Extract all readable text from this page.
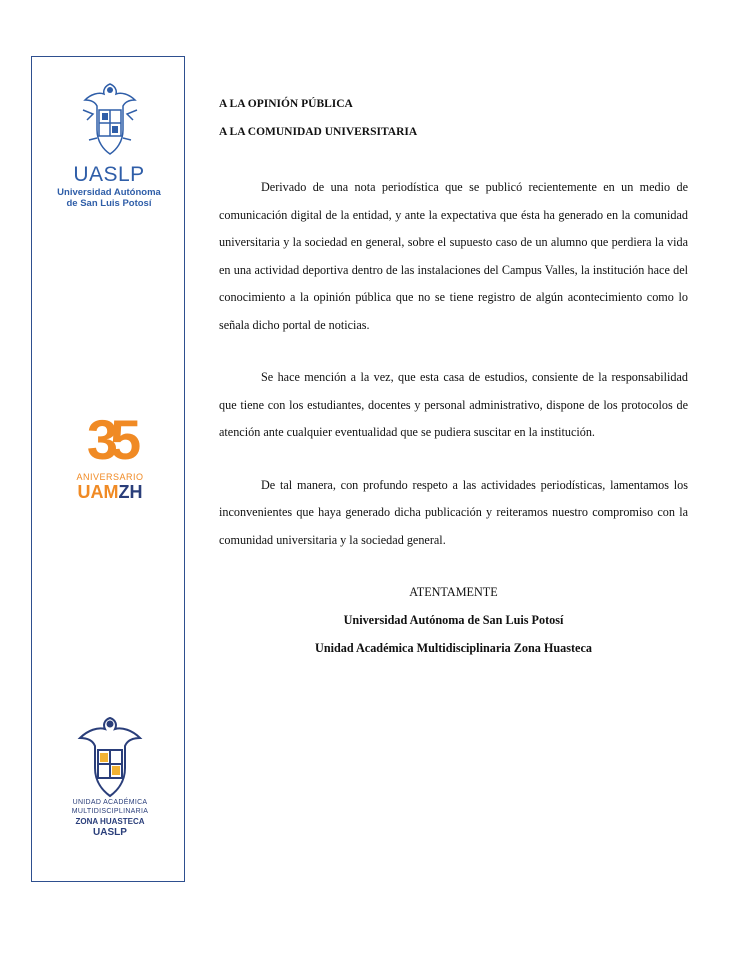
UASLP
Universidad Autónoma
de San Luis Potosí
35
ANIVERSARIO
UAMZH
UNIDAD ACADÉMICA
MULTIDISCIPLINARIA
ZONA HUASTECA
UASLP

A LA OPINIÓN PÚBLICA

A LA COMUNIDAD UNIVERSITARIA

Derivado de una nota periodística que se publicó recientemente en un medio de comunicación digital de la entidad, y ante la expectativa que ésta ha generado en la comunidad universitaria y la sociedad en general, sobre el supuesto caso de un alumno que perdiera la vida en una actividad deportiva dentro de las instalaciones del Campus Valles, la institución hace del conocimiento a la opinión pública que no se tiene registro de algún acontecimiento como lo señala dicho portal de noticias.

Se hace mención a la vez, que esta casa de estudios, consiente de la responsabilidad que tiene con los estudiantes, docentes y personal administrativo, dispone de los protocolos de atención ante cualquier eventualidad que se pudiera suscitar en la institución.

De tal manera, con profundo respeto a las actividades periodísticas, lamentamos los inconvenientes que haya generado dicha publicación y reiteramos nuestro compromiso con la comunidad universitaria y la sociedad general.

ATENTAMENTE
Universidad Autónoma de San Luis Potosí
Unidad Académica Multidisciplinaria Zona Huasteca
